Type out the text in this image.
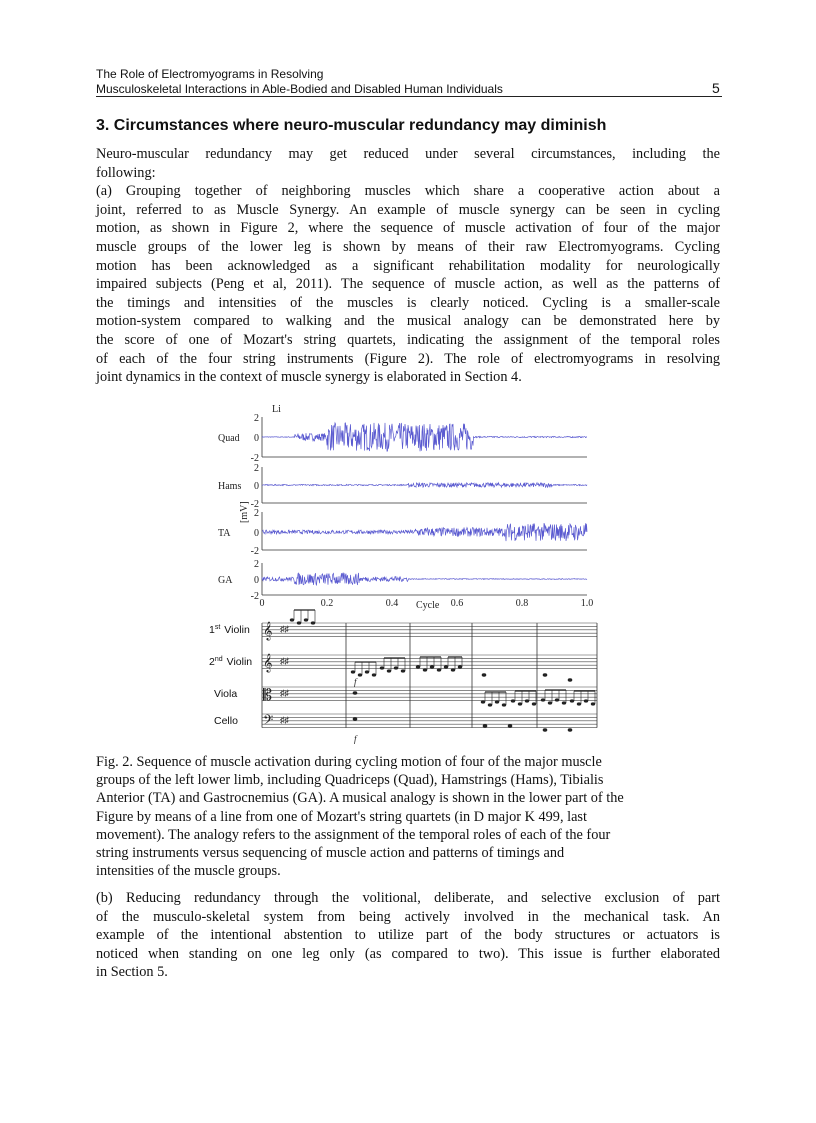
The Role of Electromyograms in Resolving
Musculoskeletal Interactions in Able-Bodied and Disabled Human Individuals	5
3. Circumstances where neuro-muscular redundancy may diminish
Neuro-muscular redundancy may get reduced under several circumstances, including the
following:
(a) Grouping together of neighboring muscles which share a cooperative action about a
joint, referred to as Muscle Synergy. An example of muscle synergy can be seen in cycling
motion, as shown in Figure 2, where the sequence of muscle activation of four of the major
muscle groups of the lower leg is shown by means of their raw Electromyograms. Cycling
motion has been acknowledged as a significant rehabilitation modality for neurologically
impaired subjects (Peng et al, 2011). The sequence of muscle action, as well as the patterns of
the timings and intensities of the muscles is clearly noticed. Cycling is a smaller-scale
motion-system compared to walking and the musical analogy can be demonstrated here by
the score of one of Mozart's string quartets, indicating the assignment of the temporal roles
of each of the four string instruments (Figure 2). The role of electromyograms in resolving
joint dynamics in the context of muscle synergy is elaborated in Section 4.
2
0
-2
Quad
2
0
-2
Hams
2
0
-2
TA
2
0
-2
GA
0	0.2	0.4	0.6	0.8	1.0
Cycle
Li
[mV]
1st Violin 𝄞 ♯♯
2nd Violin 𝄞 ♯♯
Viola 𝄡 ♯♯
Cello 𝄢 ♯♯
f
f
Fig. 2. Sequence of muscle activation during cycling motion of four of the major muscle
groups of the left lower limb, including Quadriceps (Quad), Hamstrings (Hams), Tibialis
Anterior (TA) and Gastrocnemius (GA). A musical analogy is shown in the lower part of the
Figure by means of a line from one of Mozart's string quartets (in D major K 499, last
movement). The analogy refers to the assignment of the temporal roles of each of the four
string instruments versus sequencing of muscle action and patterns of timings and
intensities of the muscle groups.
(b) Reducing redundancy through the volitional, deliberate, and selective exclusion of part
of the musculo-skeletal system from being actively involved in the mechanical task. An
example of the intentional abstention to utilize part of the body structures or actuators is
noticed when standing on one leg only (as compared to two). This issue is further elaborated
in Section 5.
